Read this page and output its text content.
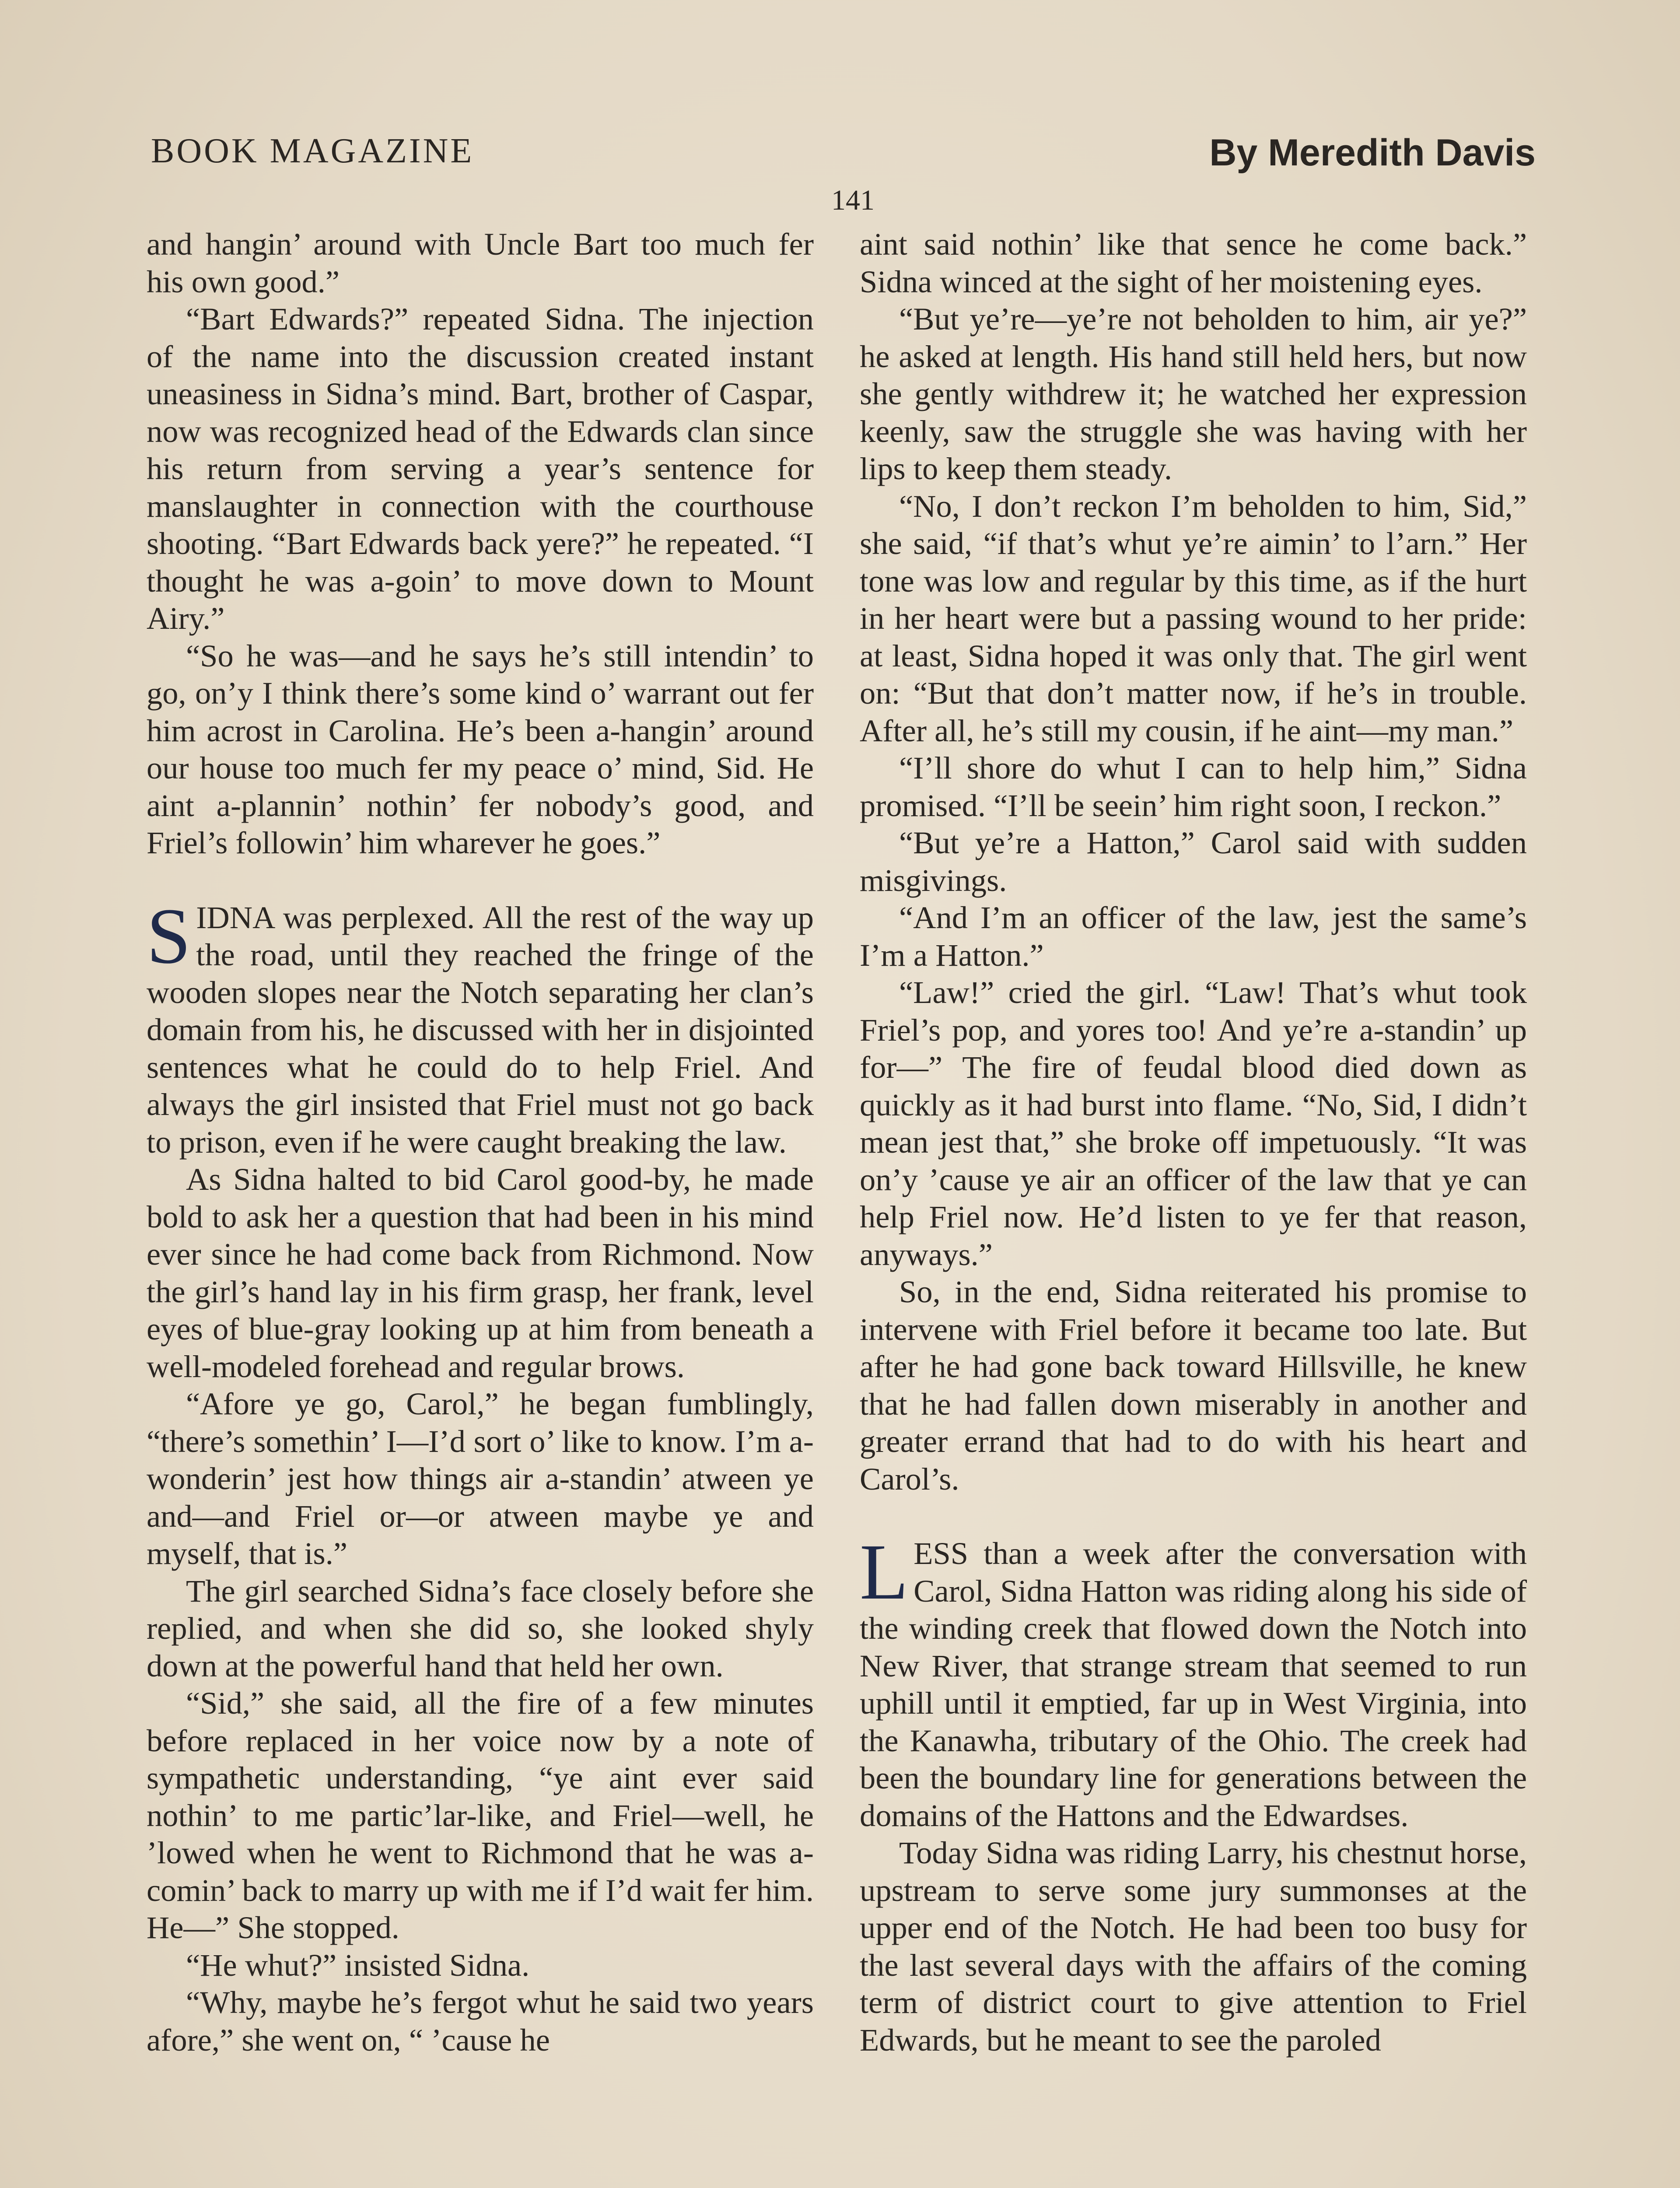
BOOK MAGAZINE	By Meredith Davis
141

and hangin’ around with Uncle Bart too much fer his own good.”

“Bart Edwards?” repeated Sidna. The injection of the name into the discussion created instant uneasiness in Sidna’s mind. Bart, brother of Caspar, now was recognized head of the Edwards clan since his return from serving a year’s sentence for manslaughter in connection with the courthouse shooting. “Bart Edwards back yere?” he repeated. “I thought he was a-goin’ to move down to Mount Airy.”

“So he was—and he says he’s still intendin’ to go, on’y I think there’s some kind o’ warrant out fer him acrost in Carolina. He’s been a-hangin’ around our house too much fer my peace o’ mind, Sid. He aint a-plannin’ nothin’ fer nobody’s good, and Friel’s followin’ him wharever he goes.”

SIDNA was perplexed. All the rest of the way up the road, until they reached the fringe of the wooden slopes near the Notch separating her clan’s domain from his, he discussed with her in disjointed sentences what he could do to help Friel. And always the girl insisted that Friel must not go back to prison, even if he were caught breaking the law.

As Sidna halted to bid Carol good-by, he made bold to ask her a question that had been in his mind ever since he had come back from Richmond. Now the girl’s hand lay in his firm grasp, her frank, level eyes of blue-gray looking up at him from beneath a well-modeled forehead and regular brows.

“Afore ye go, Carol,” he began fumblingly, “there’s somethin’ I—I’d sort o’ like to know. I’m a-wonderin’ jest how things air a-standin’ atween ye and—and Friel or—or atween maybe ye and myself, that is.”

The girl searched Sidna’s face closely before she replied, and when she did so, she looked shyly down at the powerful hand that held her own.

“Sid,” she said, all the fire of a few minutes before replaced in her voice now by a note of sympathetic understanding, “ye aint ever said nothin’ to me partic’lar-like, and Friel—well, he ’lowed when he went to Richmond that he was a-comin’ back to marry up with me if I’d wait fer him. He—” She stopped.

“He whut?” insisted Sidna.

“Why, maybe he’s fergot whut he said two years afore,” she went on, “ ’cause he

aint said nothin’ like that sence he come back.” Sidna winced at the sight of her moistening eyes.

“But ye’re—ye’re not beholden to him, air ye?” he asked at length. His hand still held hers, but now she gently withdrew it; he watched her expression keenly, saw the struggle she was having with her lips to keep them steady.

“No, I don’t reckon I’m beholden to him, Sid,” she said, “if that’s whut ye’re aimin’ to l’arn.” Her tone was low and regular by this time, as if the hurt in her heart were but a passing wound to her pride: at least, Sidna hoped it was only that. The girl went on: “But that don’t matter now, if he’s in trouble. After all, he’s still my cousin, if he aint—my man.”

“I’ll shore do whut I can to help him,” Sidna promised. “I’ll be seein’ him right soon, I reckon.”

“But ye’re a Hatton,” Carol said with sudden misgivings.

“And I’m an officer of the law, jest the same’s I’m a Hatton.”

“Law!” cried the girl. “Law! That’s whut took Friel’s pop, and yores too! And ye’re a-standin’ up for—” The fire of feudal blood died down as quickly as it had burst into flame. “No, Sid, I didn’t mean jest that,” she broke off impetuously. “It was on’y ’cause ye air an officer of the law that ye can help Friel now. He’d listen to ye fer that reason, anyways.”

So, in the end, Sidna reiterated his promise to intervene with Friel before it became too late. But after he had gone back toward Hillsville, he knew that he had fallen down miserably in another and greater errand that had to do with his heart and Carol’s.

LESS than a week after the conversation with Carol, Sidna Hatton was riding along his side of the winding creek that flowed down the Notch into New River, that strange stream that seemed to run uphill until it emptied, far up in West Virginia, into the Kanawha, tributary of the Ohio. The creek had been the boundary line for generations between the domains of the Hattons and the Edwardses.

Today Sidna was riding Larry, his chestnut horse, upstream to serve some jury summonses at the upper end of the Notch. He had been too busy for the last several days with the affairs of the coming term of district court to give attention to Friel Edwards, but he meant to see the paroled
